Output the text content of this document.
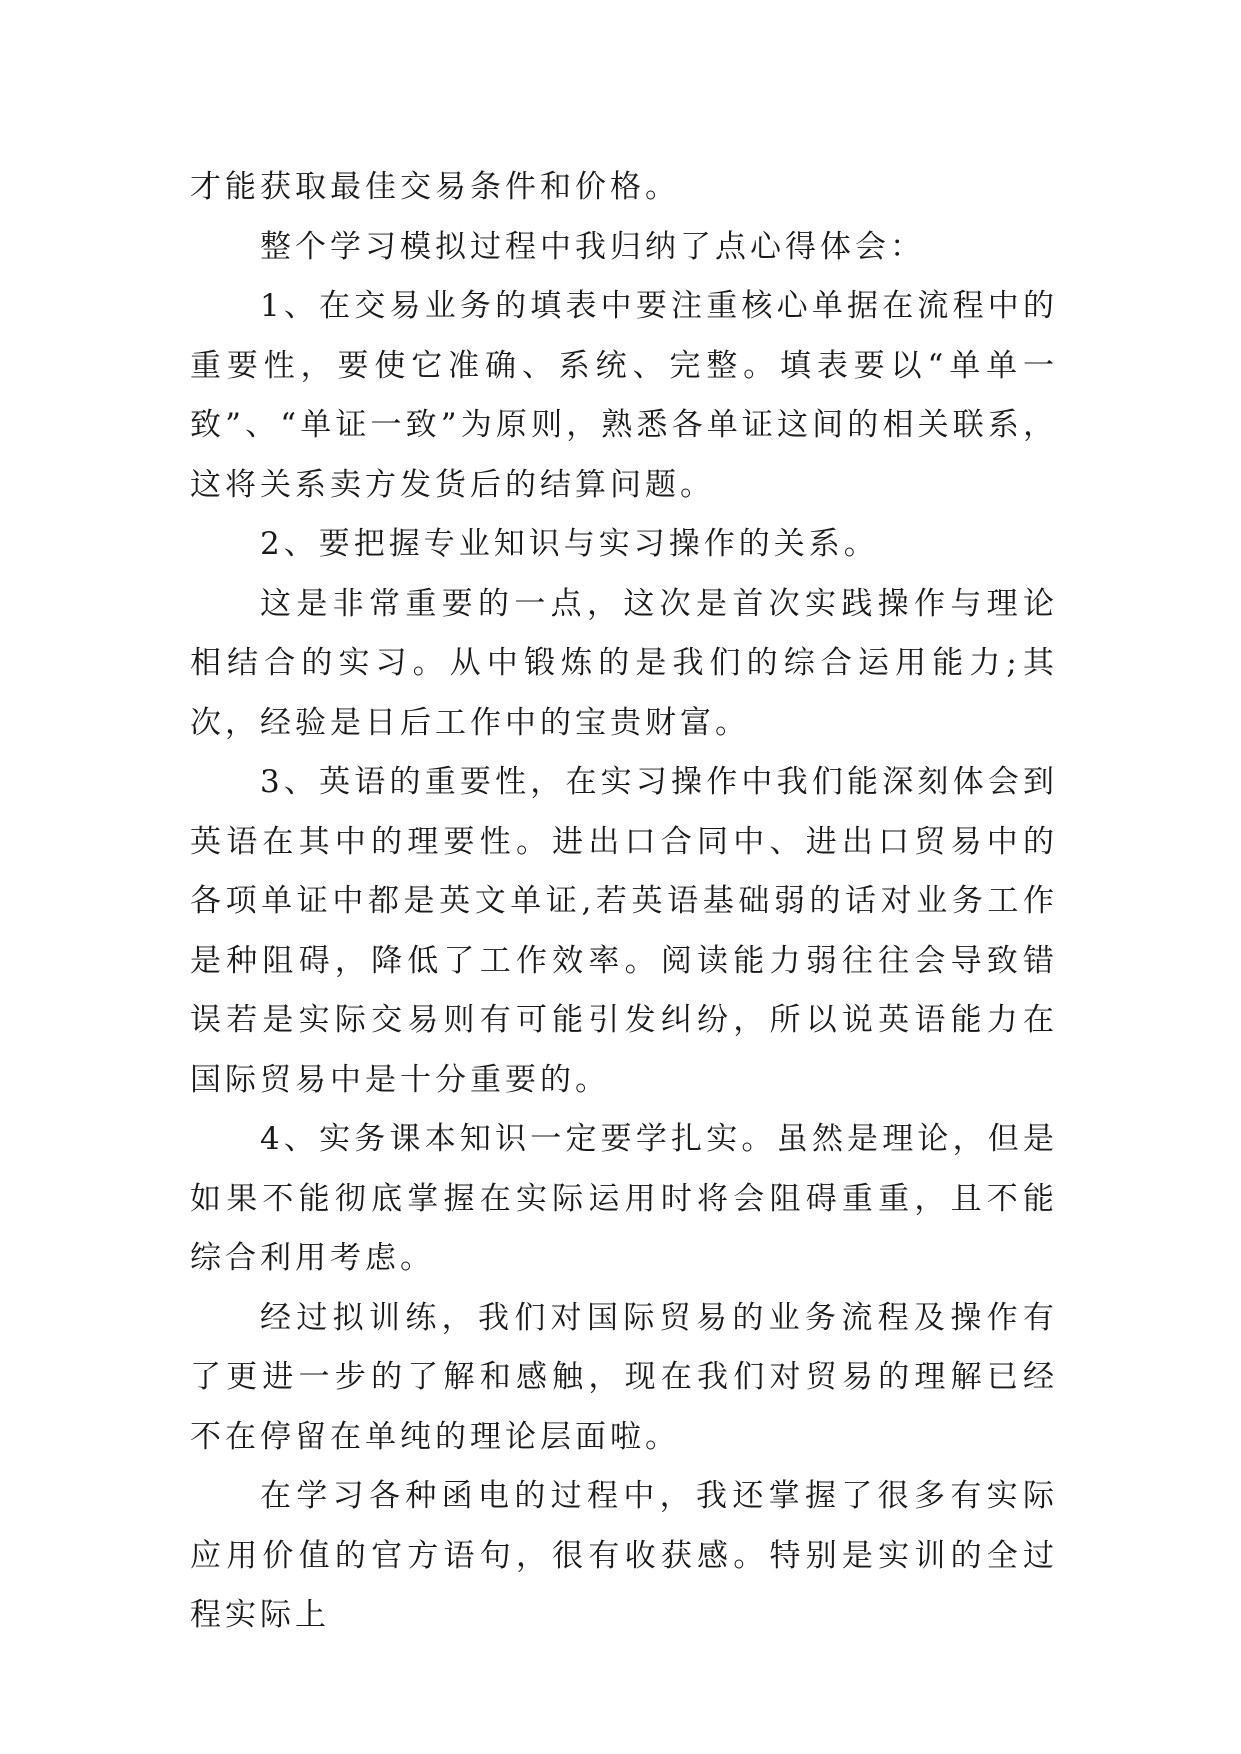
才能获取最佳交易条件和价格。

整个学习模拟过程中我归纳了点心得体会：

1、在交易业务的填表中要注重核心单据在流程中的重要性，要使它准确、系统、完整。填表要以“单单一致”、“单证一致”为原则，熟悉各单证这间的相关联系，这将关系卖方发货后的结算问题。

2、要把握专业知识与实习操作的关系。

这是非常重要的一点，这次是首次实践操作与理论相结合的实习。从中锻炼的是我们的综合运用能力;其次，经验是日后工作中的宝贵财富。

3、英语的重要性，在实习操作中我们能深刻体会到英语在其中的理要性。进出口合同中、进出口贸易中的各项单证中都是英文单证,若英语基础弱的话对业务工作是种阻碍，降低了工作效率。阅读能力弱往往会导致错误若是实际交易则有可能引发纠纷，所以说英语能力在国际贸易中是十分重要的。

4、实务课本知识一定要学扎实。虽然是理论，但是如果不能彻底掌握在实际运用时将会阻碍重重，且不能综合利用考虑。

经过拟训练，我们对国际贸易的业务流程及操作有了更进一步的了解和感触，现在我们对贸易的理解已经不在停留在单纯的理论层面啦。

在学习各种函电的过程中，我还掌握了很多有实际应用价值的官方语句，很有收获感。特别是实训的全过程实际上
